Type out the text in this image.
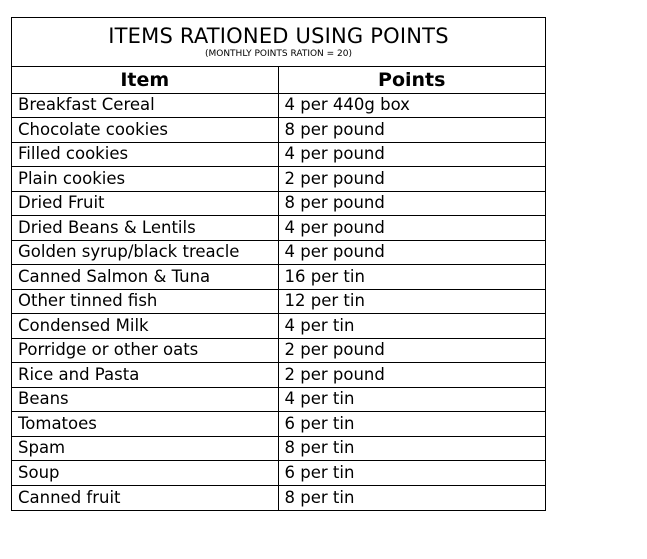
ITEMS RATIONED USING POINTS

(MONTHLY POINTS RATION = 20)

Item	Points
Breakfast Cereal	4 per 440g box
Chocolate cookies	8 per pound
Filled cookies	4 per pound
Plain cookies	2 per pound
Dried Fruit	8 per pound
Dried Beans & Lentils	4 per pound
Golden syrup/black treacle	4 per pound
Canned Salmon & Tuna	16 per tin
Other tinned fish	12 per tin
Condensed Milk	4 per tin
Porridge or other oats	2 per pound
Rice and Pasta	2 per pound
Beans	4 per tin
Tomatoes	6 per tin
Spam	8 per tin
Soup	6 per tin
Canned fruit	8 per tin
